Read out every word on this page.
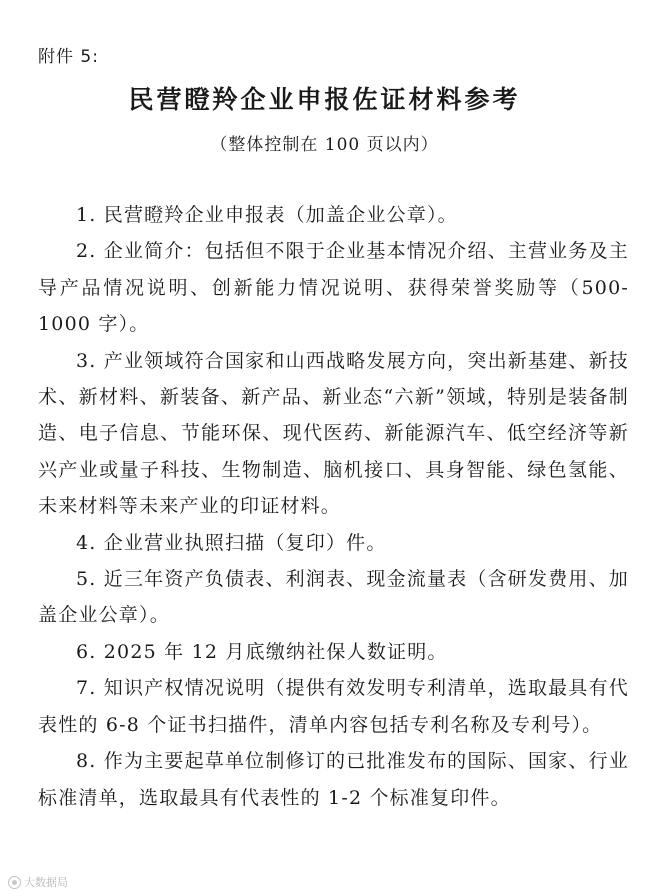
附件 5:
民营瞪羚企业申报佐证材料参考
（整体控制在 100 页以内）

1. 民营瞪羚企业申报表（加盖企业公章）。

2. 企业简介：包括但不限于企业基本情况介绍、主营业务及主导产品情况说明、创新能力情况说明、获得荣誉奖励等（500-1000 字）。

3. 产业领域符合国家和山西战略发展方向，突出新基建、新技术、新材料、新装备、新产品、新业态“六新”领域，特别是装备制造、电子信息、节能环保、现代医药、新能源汽车、低空经济等新兴产业或量子科技、生物制造、脑机接口、具身智能、绿色氢能、未来材料等未来产业的印证材料。

4. 企业营业执照扫描（复印）件。

5. 近三年资产负债表、利润表、现金流量表（含研发费用、加盖企业公章）。

6. 2025 年 12 月底缴纳社保人数证明。

7. 知识产权情况说明（提供有效发明专利清单，选取最具有代表性的 6-8 个证书扫描件，清单内容包括专利名称及专利号）。

8. 作为主要起草单位制修订的已批准发布的国际、国家、行业标准清单，选取最具有代表性的 1-2 个标准复印件。

大数据局
